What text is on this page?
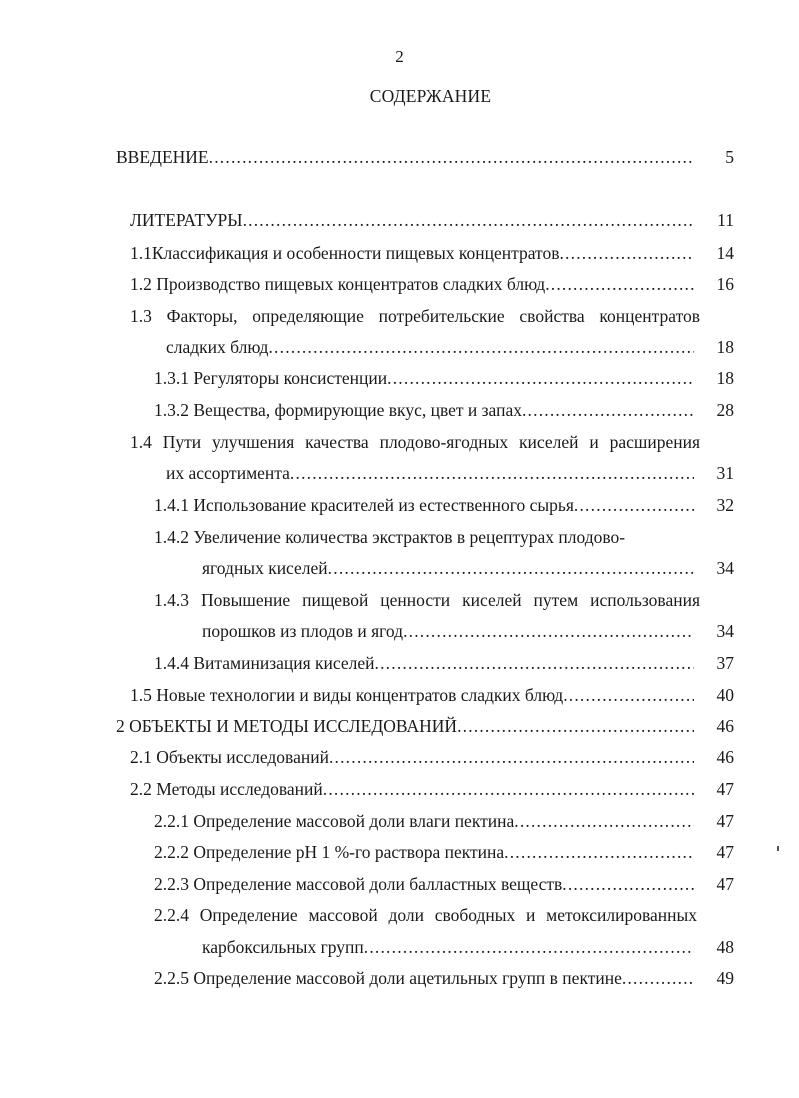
2
СОДЕРЖАНИЕ
ВВЕДЕНИЕ .....	5

ЛИТЕРАТУРЫ .....	11
1.1Классификация и особенности пищевых концентратов .....	14
1.2 Производство пищевых концентратов сладких блюд .....	16
1.3 Факторы, определяющие потребительские свойства концентратов
сладких блюд .....	18
1.3.1 Регуляторы консистенции .....	18
1.3.2 Вещества, формирующие вкус, цвет и запах .....	28
1.4 Пути улучшения качества плодово-ягодных киселей и расширения
их ассортимента .....	31
1.4.1 Использование красителей из естественного сырья .....	32
1.4.2 Увеличение количества экстрактов в рецептурах плодово-
ягодных киселей .....	34
1.4.3 Повышение пищевой ценности киселей путем использования
порошков из плодов и ягод .....	34
1.4.4 Витаминизация киселей .....	37
1.5 Новые технологии и виды концентратов сладких блюд .....	40
2 ОБЪЕКТЫ И МЕТОДЫ ИССЛЕДОВАНИЙ .....	46
2.1 Объекты исследований .....	46
2.2 Методы исследований .....	47
2.2.1 Определение массовой доли влаги пектина .....	47
2.2.2 Определение рН 1 %-го раствора пектина .....	47
2.2.3 Определение массовой доли балластных веществ .....	47
2.2.4 Определение массовой доли свободных и метоксилированных
карбоксильных групп .....	48
2.2.5 Определение массовой доли ацетильных групп в пектине .....	49
